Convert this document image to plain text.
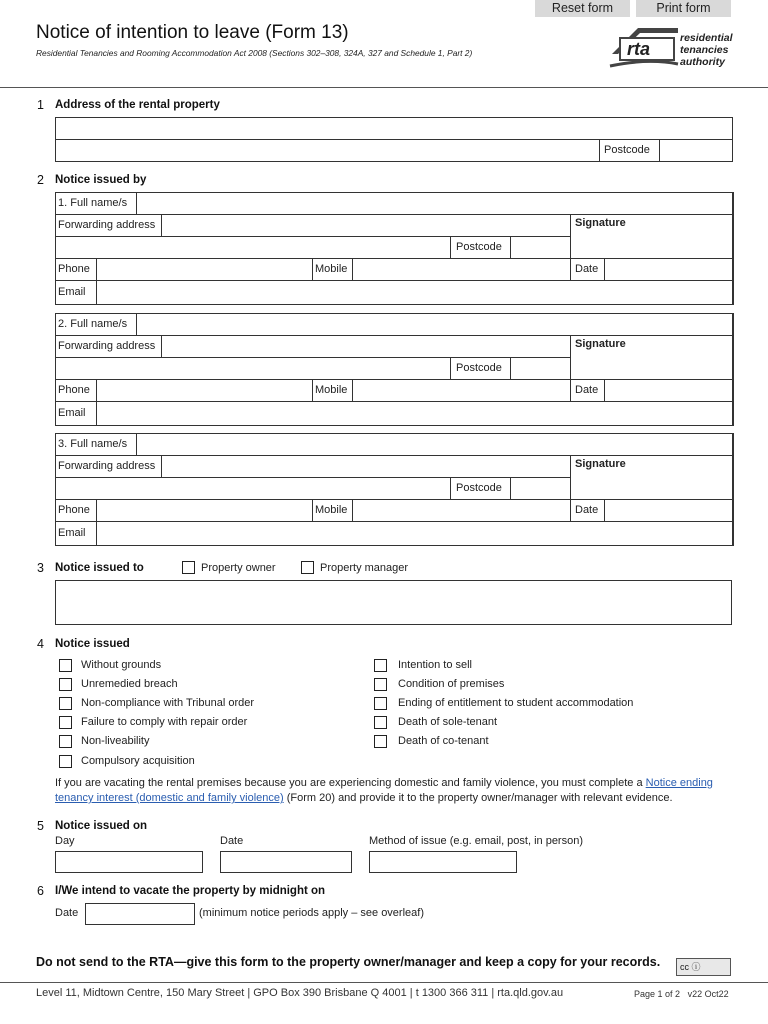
Reset form	Print form
Notice of intention to leave (Form 13)
Residential Tenancies and Rooming Accommodation Act 2008 (Sections 302–308, 324A, 327 and Schedule 1, Part 2)	rta
residential
tenancies
authority
1 Address of the rental property
Postcode
2 Notice issued by
1. Full name/s
Forwarding address
Postcode
Signature
Phone	Mobile	Date
Email
2. Full name/s
Forwarding address
Postcode
Signature
Phone	Mobile	Date
Email
3. Full name/s
Forwarding address
Postcode
Signature
Phone	Mobile	Date
Email
3 Notice issued to	Property owner	Property manager
4 Notice issued
Without grounds
Unremedied breach
Non-compliance with Tribunal order
Failure to comply with repair order
Non-liveability
Compulsory acquisition
Intention to sell
Condition of premises
Ending of entitlement to student accommodation
Death of sole-tenant
Death of co-tenant
If you are vacating the rental premises because you are experiencing domestic and family violence, you must complete a Notice ending tenancy interest (domestic and family violence) (Form 20) and provide it to the property owner/manager with relevant evidence.
5 Notice issued on
Day	Date	Method of issue (e.g. email, post, in person)
6 I/We intend to vacate the property by midnight on
Date	(minimum notice periods apply – see overleaf)
Do not send to the RTA—give this form to the property owner/manager and keep a copy for your records.	cc ⓘ
Level 11, Midtown Centre, 150 Mary Street | GPO Box 390 Brisbane Q 4001 | t 1300 366 311 | rta.qld.gov.au	Page 1 of 2 v22 Oct22
